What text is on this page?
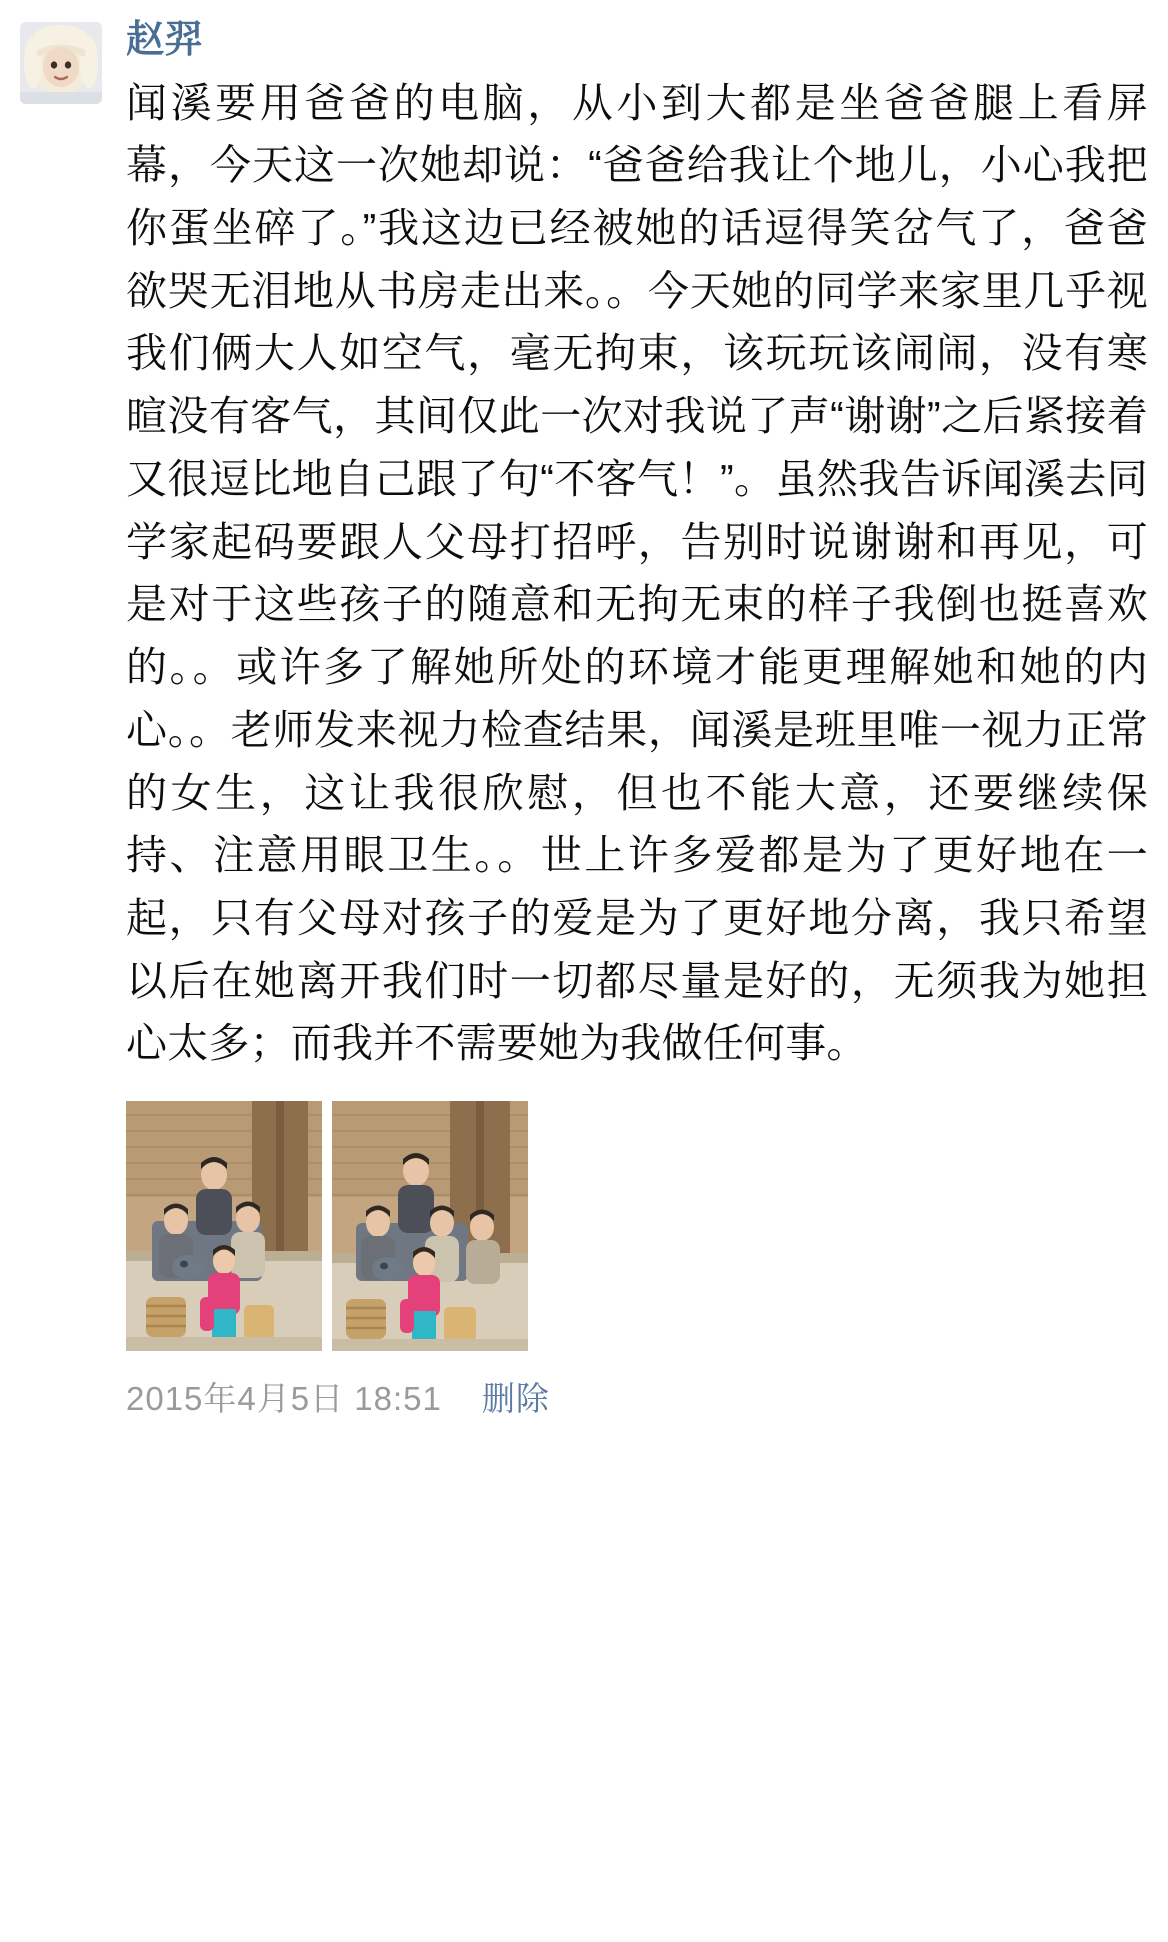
赵羿
闻溪要用爸爸的电脑，从小到大都是坐爸爸腿上看屏幕，今天这一次她却说：“爸爸给我让个地儿，小心我把你蛋坐碎了。”我这边已经被她的话逗得笑岔气了，爸爸欲哭无泪地从书房走出来。。今天她的同学来家里几乎视我们俩大人如空气，毫无拘束，该玩玩该闹闹，没有寒暄没有客气，其间仅此一次对我说了声“谢谢”之后紧接着又很逗比地自己跟了句“不客气！”。虽然我告诉闻溪去同学家起码要跟人父母打招呼，告别时说谢谢和再见，可是对于这些孩子的随意和无拘无束的样子我倒也挺喜欢的。。或许多了解她所处的环境才能更理解她和她的内心。。老师发来视力检查结果，闻溪是班里唯一视力正常的女生，这让我很欣慰，但也不能大意，还要继续保持、注意用眼卫生。。世上许多爱都是为了更好地在一起，只有父母对孩子的爱是为了更好地分离，我只希望以后在她离开我们时一切都尽量是好的，无须我为她担心太多；而我并不需要她为我做任何事。
2015年4月5日 18:51 删除
